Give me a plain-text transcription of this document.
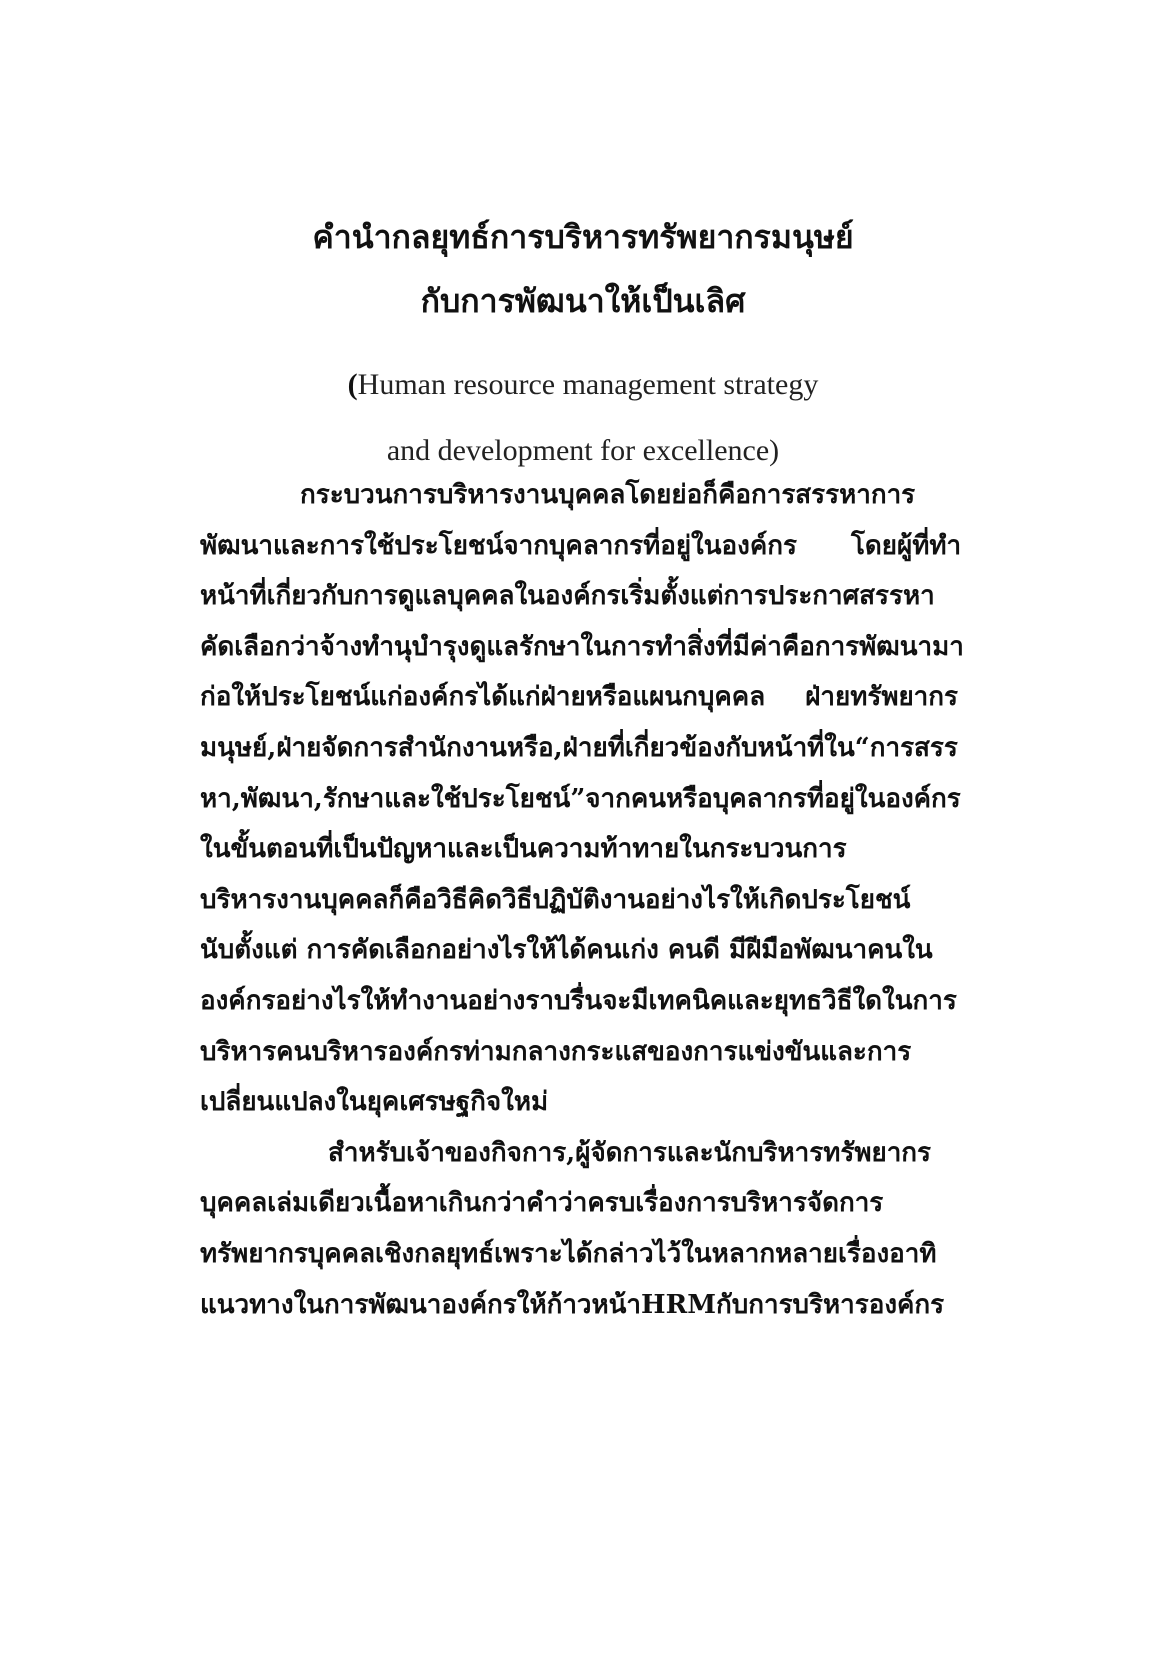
คำนำกลยุทธ์การบริหารทรัพยากรมนุษย์
กับการพัฒนาให้เป็นเลิศ
(Human resource management strategy
and development for excellence)
กระบวนการบริหารงานบุคคลโดยย่อก็คือการสรรหาการ
พัฒนาและการใช้ประโยชน์จากบุคลากรที่อยู่ในองค์กร โดยผู้ที่ทำ
หน้าที่เกี่ยวกับการดูแลบุคคลในองค์กรเริ่มตั้งแต่การประกาศสรรหา
คัดเลือกว่าจ้างทำนุบำรุงดูแลรักษาในการทำสิ่งที่มีค่าคือการพัฒนามา
ก่อให้ประโยชน์แก่องค์กรได้แก่ฝ่ายหรือแผนกบุคคล ฝ่ายทรัพยากร
มนุษย์,ฝ่ายจัดการสำนักงานหรือ,ฝ่ายที่เกี่ยวข้องกับหน้าที่ใน“การสรร
หา,พัฒนา,รักษาและใช้ประโยชน์”จากคนหรือบุคลากรที่อยู่ในองค์กร
ในขั้นตอนที่เป็นปัญหาและเป็นความท้าทายในกระบวนการ
บริหารงานบุคคลก็คือวิธีคิดวิธีปฏิบัติงานอย่างไรให้เกิดประโยชน์
นับตั้งแต่ การคัดเลือกอย่างไรให้ได้คนเก่ง คนดี มีฝีมือพัฒนาคนใน
องค์กรอย่างไรให้ทำงานอย่างราบรื่นจะมีเทคนิคและยุทธวิธีใดในการ
บริหารคนบริหารองค์กรท่ามกลางกระแสของการแข่งขันและการ
เปลี่ยนแปลงในยุคเศรษฐกิจใหม่
สำหรับเจ้าของกิจการ,ผู้จัดการและนักบริหารทรัพยากร
บุคคลเล่มเดียวเนื้อหาเกินกว่าคำว่าครบเรื่องการบริหารจัดการ
ทรัพยากรบุคคลเชิงกลยุทธ์เพราะได้กล่าวไว้ในหลากหลายเรื่องอาทิ
แนวทางในการพัฒนาองค์กรให้ก้าวหน้าHRMกับการบริหารองค์กร
